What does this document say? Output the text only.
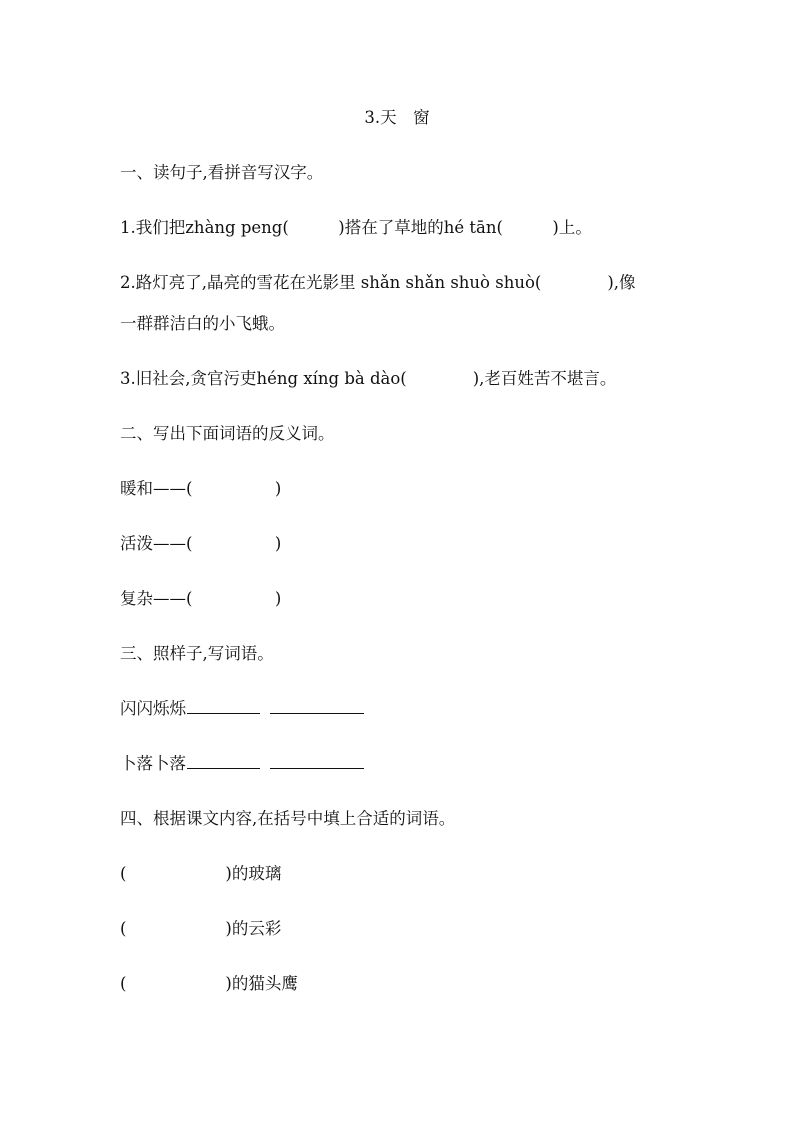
3.天　窗
一、读句子,看拼音写汉字。
1.我们把zhàng peng(　　　)搭在了草地的hé tān(　　　)上。
2.路灯亮了,晶亮的雪花在光影里 shǎn shǎn shuò shuò(　　　　),像
一群群洁白的小飞蛾。
3.旧社会,贪官污吏héng xíng bà dào(　　　　),老百姓苦不堪言。
二、写出下面词语的反义词。
暖和——(　　　　　)
活泼——(　　　　　)
复杂——(　　　　　)
三、照样子,写词语。
闪闪烁烁
卜落卜落
四、根据课文内容,在括号中填上合适的词语。
(　　　　　　)的玻璃
(　　　　　　)的云彩
(　　　　　　)的猫头鹰
